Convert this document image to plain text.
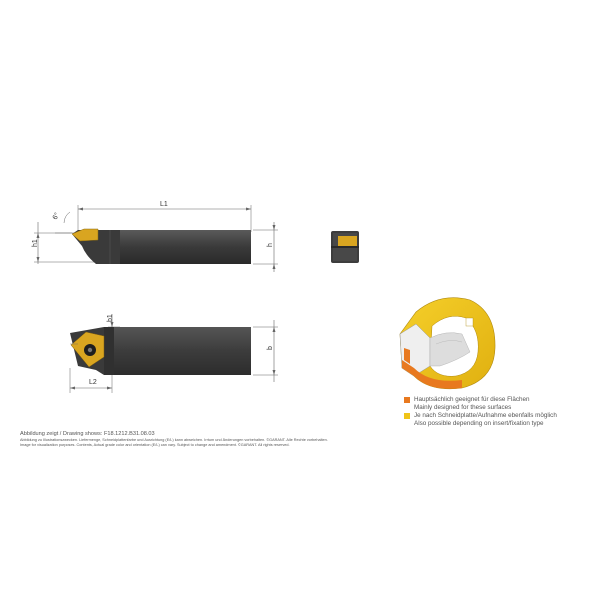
L1
6°
h1	h
b1
L2
b
Hauptsächlich geeignet für diese Flächen
Mainly designed for these surfaces
Je nach Schneidplatte/Aufnahme ebenfalls möglich
Also possible depending on insert/fixation type
Abbildung zeigt / Drawing shows: F18.1212.B31.08.03
Abbildung zu Illustrationszwecken. Liefermenge, Schneidplattenfarbe und Ausrichtung (E/L) kann abweichen. Irrtum und Änderungen vorbehalten. ©GARANT. Alle Rechte vorbehalten.
Image for visualization purposes. Contents, Actual grade color and orientation (E/L) can vary. Subject to change and amendment. ©GARANT. All rights reserved.
